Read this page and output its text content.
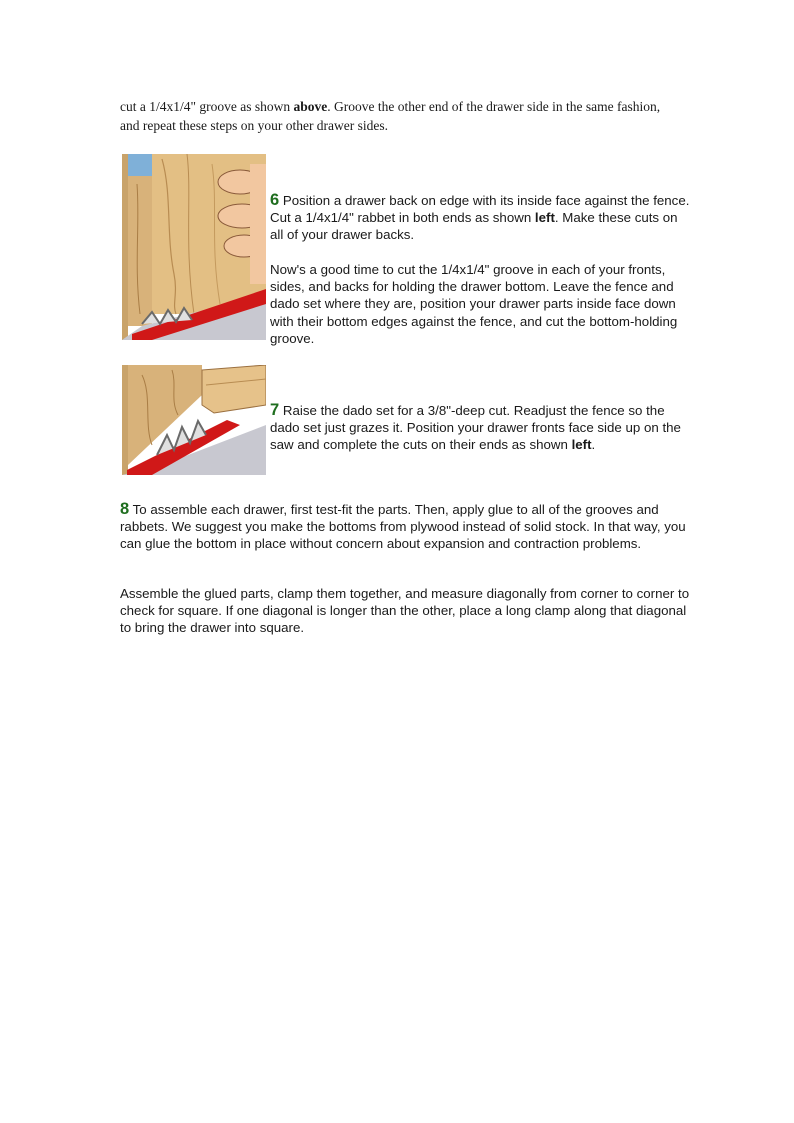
cut a 1/4x1/4" groove as shown above. Groove the other end of the drawer side in the same fashion, and repeat these steps on your other drawer sides.
6 Position a drawer back on edge with its inside face against the fence. Cut a 1/4x1/4" rabbet in both ends as shown left. Make these cuts on all of your drawer backs.
Now's a good time to cut the 1/4x1/4" groove in each of your fronts, sides, and backs for holding the drawer bottom. Leave the fence and dado set where they are, position your drawer parts inside face down with their bottom edges against the fence, and cut the bottom-holding groove.
7 Raise the dado set for a 3/8"-deep cut. Readjust the fence so the dado set just grazes it. Position your drawer fronts face side up on the saw and complete the cuts on their ends as shown left.
8 To assemble each drawer, first test-fit the parts. Then, apply glue to all of the grooves and rabbets. We suggest you make the bottoms from plywood instead of solid stock. In that way, you can glue the bottom in place without concern about expansion and contraction problems.
Assemble the glued parts, clamp them together, and measure diagonally from corner to corner to check for square. If one diagonal is longer than the other, place a long clamp along that diagonal to bring the drawer into square.
